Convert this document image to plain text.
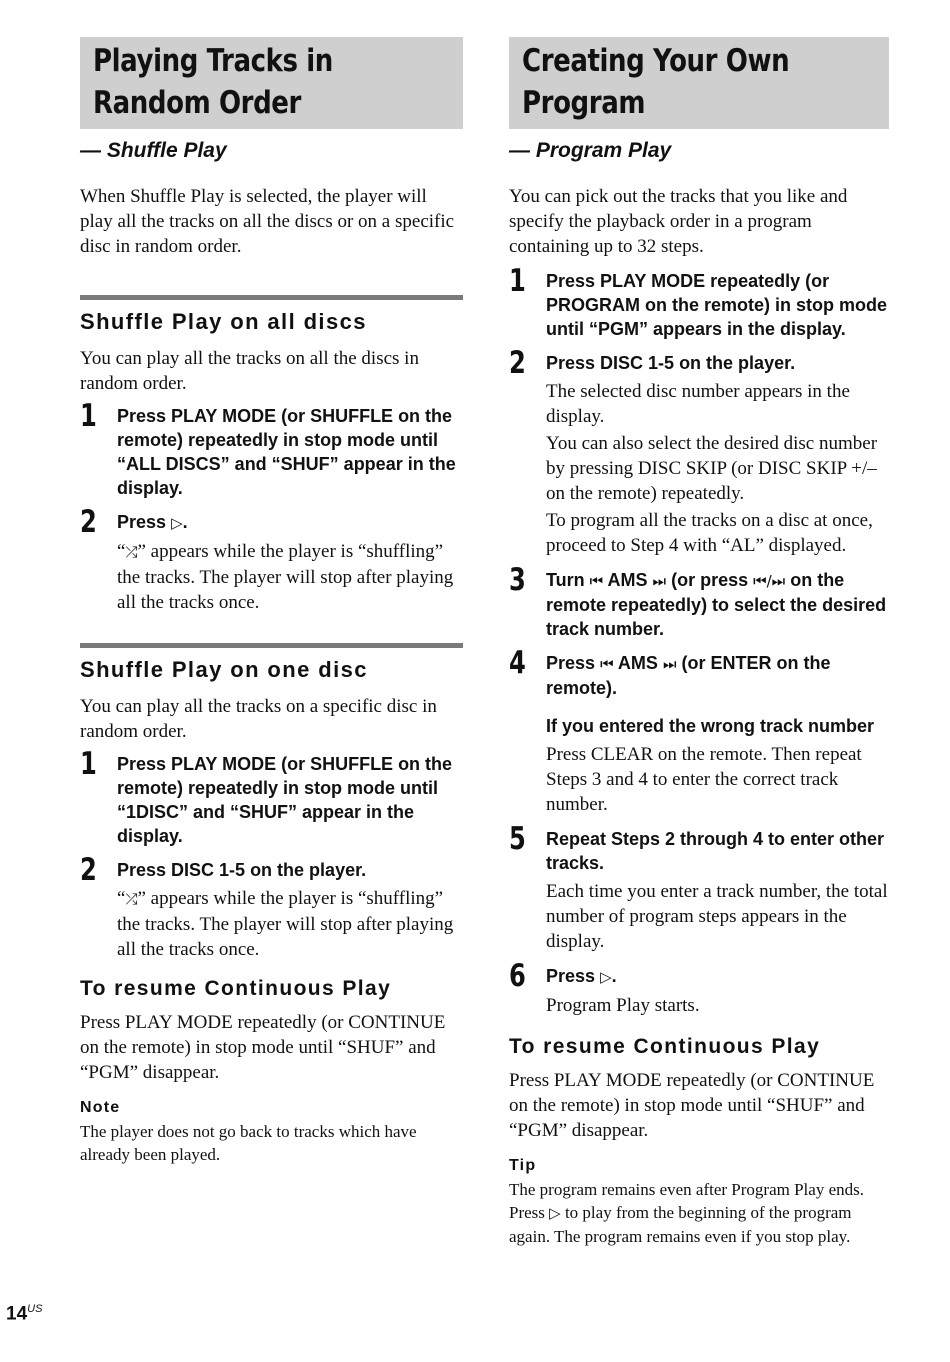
Playing Tracks in Random Order
— Shuffle Play

When Shuffle Play is selected, the player will play all the tracks on all the discs or on a specific disc in random order.

Shuffle Play on all discs

You can play all the tracks on all the discs in random order.

1 Press PLAY MODE (or SHUFFLE on the remote) repeatedly in stop mode until “ALL DISCS” and “SHUF” appear in the display.
2 Press ▷.
“⤮” appears while the player is “shuffling” the tracks. The player will stop after playing all the tracks once.
Shuffle Play on one disc

You can play all the tracks on a specific disc in random order.

1 Press PLAY MODE (or SHUFFLE on the remote) repeatedly in stop mode until “1DISC” and “SHUF” appear in the display.
2 Press DISC 1-5 on the player.
“⤮” appears while the player is “shuffling” the tracks. The player will stop after playing all the tracks once.
To resume Continuous Play

Press PLAY MODE repeatedly (or CONTINUE on the remote) in stop mode until “SHUF” and “PGM” disappear.

Note
The player does not go back to tracks which have already been played.
Creating Your Own Program
— Program Play

You can pick out the tracks that you like and specify the playback order in a program containing up to 32 steps.

1 Press PLAY MODE repeatedly (or PROGRAM on the remote) in stop mode until “PGM” appears in the display.
2 Press DISC 1-5 on the player.

The selected disc number appears in the display.

You can also select the desired disc number by pressing DISC SKIP (or DISC SKIP +/– on the remote) repeatedly.

To program all the tracks on a disc at once, proceed to Step 4 with “AL” displayed.

3 Turn ⏮ AMS ⏭ (or press ⏮/⏭ on the remote repeatedly) to select the desired track number.
4 Press ⏮ AMS ⏭ (or ENTER on the remote).
If you entered the wrong track number
Press CLEAR on the remote. Then repeat Steps 3 and 4 to enter the correct track number.
5 Repeat Steps 2 through 4 to enter other tracks.
Each time you enter a track number, the total number of program steps appears in the display.
6 Press ▷.
Program Play starts.
To resume Continuous Play

Press PLAY MODE repeatedly (or CONTINUE on the remote) in stop mode until “SHUF” and “PGM” disappear.

Tip
The program remains even after Program Play ends. Press ▷ to play from the beginning of the program again. The program remains even if you stop play.
$14^{US}$
